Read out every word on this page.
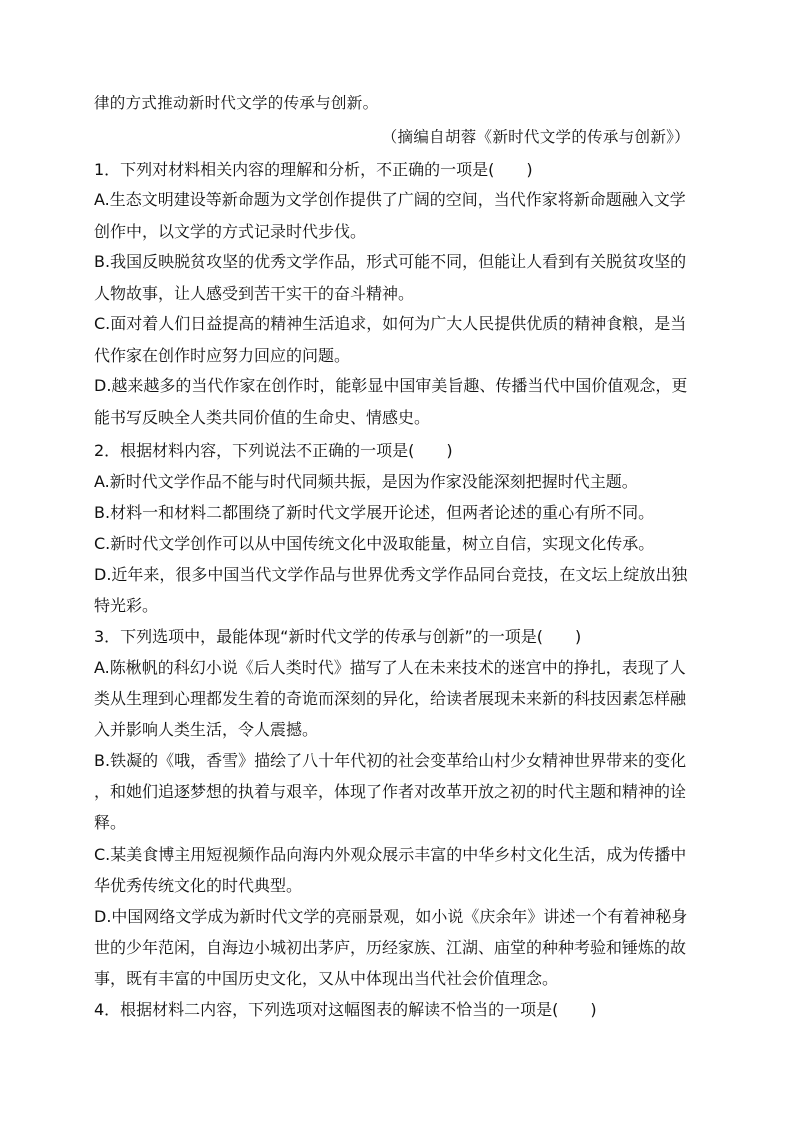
律的方式推动新时代文学的传承与创新。
（摘编自胡蓉《新时代文学的传承与创新》）
1．下列对材料相关内容的理解和分析，不正确的一项是(　　)
A.生态文明建设等新命题为文学创作提供了广阔的空间，当代作家将新命题融入文学
创作中，以文学的方式记录时代步伐。
B.我国反映脱贫攻坚的优秀文学作品，形式可能不同，但能让人看到有关脱贫攻坚的
人物故事，让人感受到苦干实干的奋斗精神。
C.面对着人们日益提高的精神生活追求，如何为广大人民提供优质的精神食粮，是当
代作家在创作时应努力回应的问题。
D.越来越多的当代作家在创作时，能彰显中国审美旨趣、传播当代中国价值观念，更
能书写反映全人类共同价值的生命史、情感史。
2．根据材料内容，下列说法不正确的一项是(　　)
A.新时代文学作品不能与时代同频共振，是因为作家没能深刻把握时代主题。
B.材料一和材料二都围绕了新时代文学展开论述，但两者论述的重心有所不同。
C.新时代文学创作可以从中国传统文化中汲取能量，树立自信，实现文化传承。
D.近年来，很多中国当代文学作品与世界优秀文学作品同台竞技，在文坛上绽放出独
特光彩。
3．下列选项中，最能体现“新时代文学的传承与创新”的一项是(　　)
A.陈楸帆的科幻小说《后人类时代》描写了人在未来技术的迷宫中的挣扎，表现了人
类从生理到心理都发生着的奇诡而深刻的异化，给读者展现未来新的科技因素怎样融
入并影响人类生活，令人震撼。
B.铁凝的《哦，香雪》描绘了八十年代初的社会变革给山村少女精神世界带来的变化
，和她们追逐梦想的执着与艰辛，体现了作者对改革开放之初的时代主题和精神的诠
释。
C.某美食博主用短视频作品向海内外观众展示丰富的中华乡村文化生活，成为传播中
华优秀传统文化的时代典型。
D.中国网络文学成为新时代文学的亮丽景观，如小说《庆余年》讲述一个有着神秘身
世的少年范闲，自海边小城初出茅庐，历经家族、江湖、庙堂的种种考验和锤炼的故
事，既有丰富的中国历史文化，又从中体现出当代社会价值理念。
4．根据材料二内容，下列选项对这幅图表的解读不恰当的一项是(　　)
